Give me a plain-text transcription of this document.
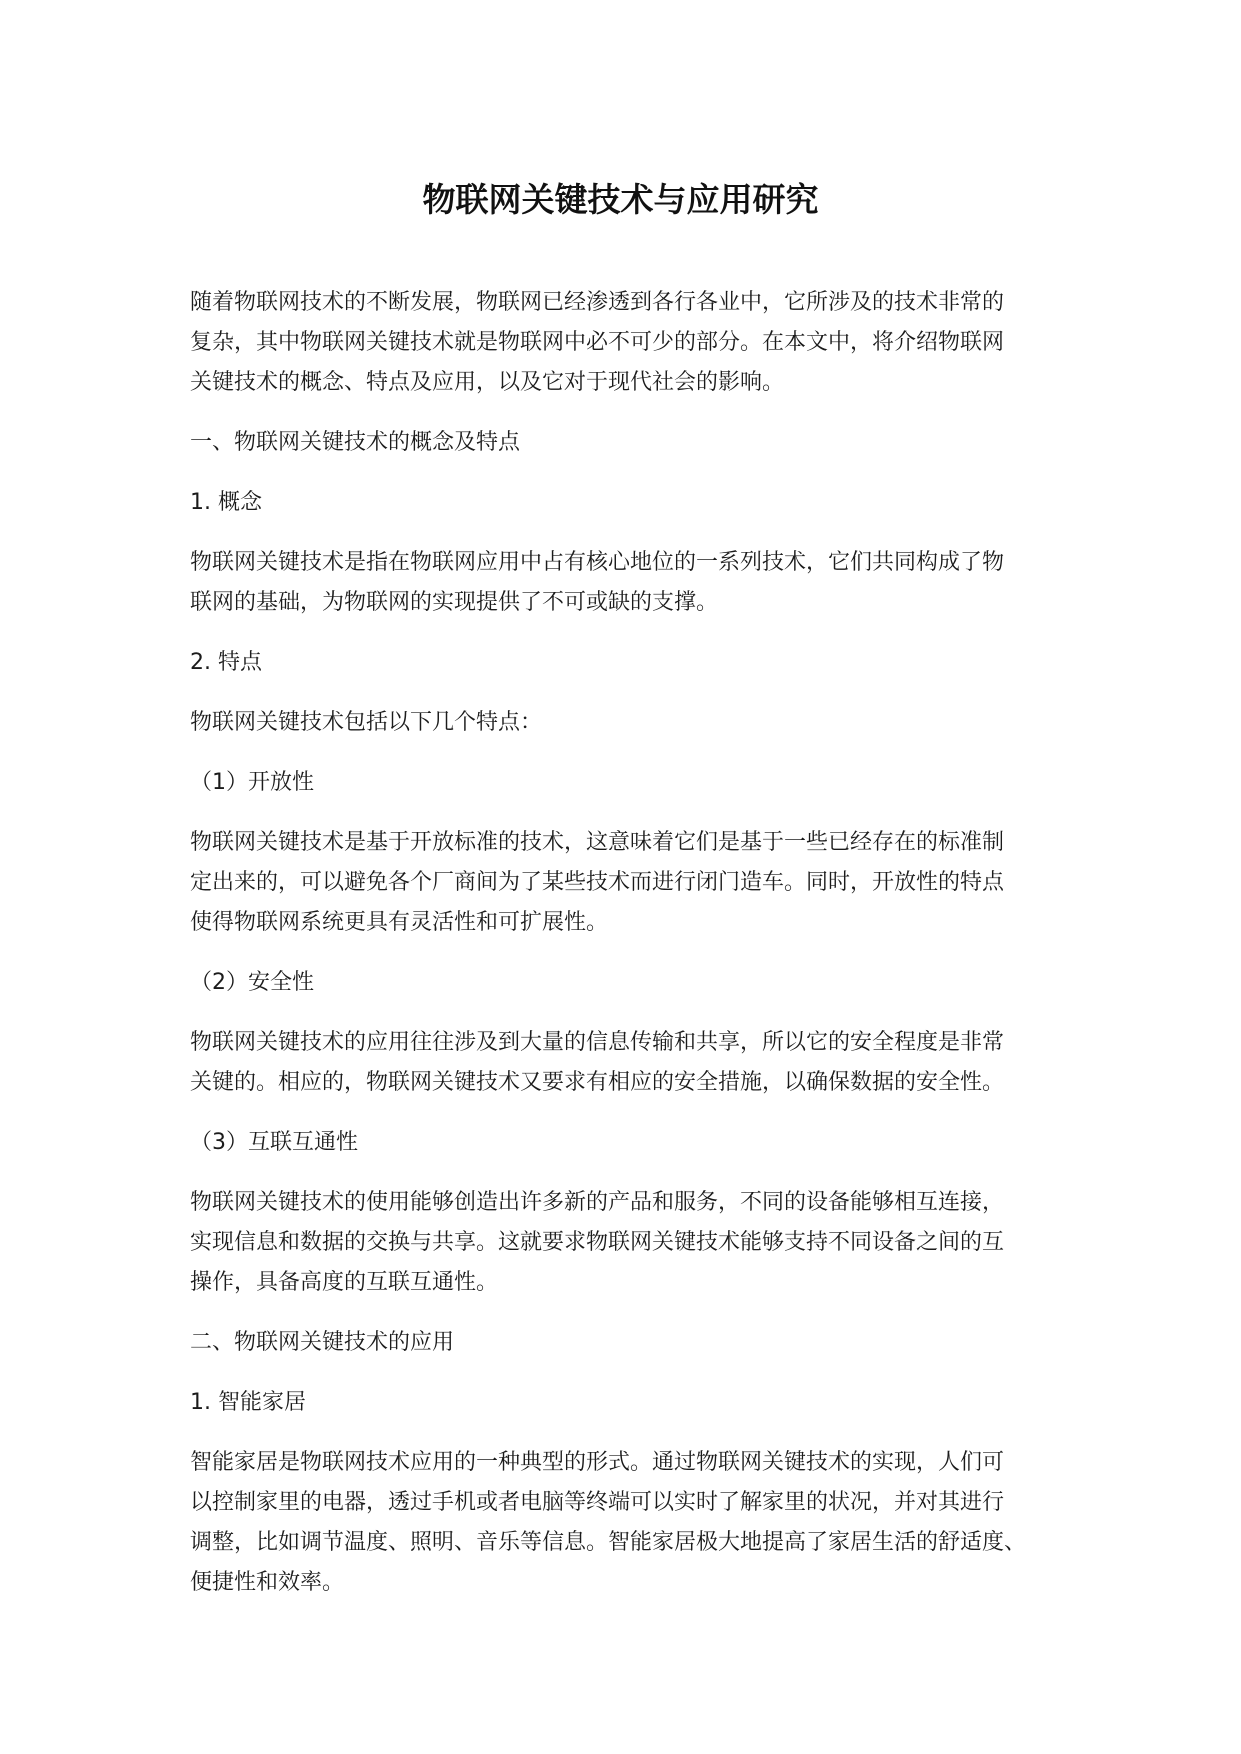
物联网关键技术与应用研究

随着物联网技术的不断发展，物联网已经渗透到各行各业中，它所涉及的技术非常的
复杂，其中物联网关键技术就是物联网中必不可少的部分。在本文中，将介绍物联网
关键技术的概念、特点及应用，以及它对于现代社会的影响。

一、物联网关键技术的概念及特点

1. 概念

物联网关键技术是指在物联网应用中占有核心地位的一系列技术，它们共同构成了物
联网的基础，为物联网的实现提供了不可或缺的支撑。

2. 特点

物联网关键技术包括以下几个特点：

（1）开放性

物联网关键技术是基于开放标准的技术，这意味着它们是基于一些已经存在的标准制
定出来的，可以避免各个厂商间为了某些技术而进行闭门造车。同时，开放性的特点
使得物联网系统更具有灵活性和可扩展性。

（2）安全性

物联网关键技术的应用往往涉及到大量的信息传输和共享，所以它的安全程度是非常
关键的。相应的，物联网关键技术又要求有相应的安全措施，以确保数据的安全性。

（3）互联互通性

物联网关键技术的使用能够创造出许多新的产品和服务，不同的设备能够相互连接，
实现信息和数据的交换与共享。这就要求物联网关键技术能够支持不同设备之间的互
操作，具备高度的互联互通性。

二、物联网关键技术的应用

1. 智能家居

智能家居是物联网技术应用的一种典型的形式。通过物联网关键技术的实现，人们可
以控制家里的电器，透过手机或者电脑等终端可以实时了解家里的状况，并对其进行
调整，比如调节温度、照明、音乐等信息。智能家居极大地提高了家居生活的舒适度、
便捷性和效率。
